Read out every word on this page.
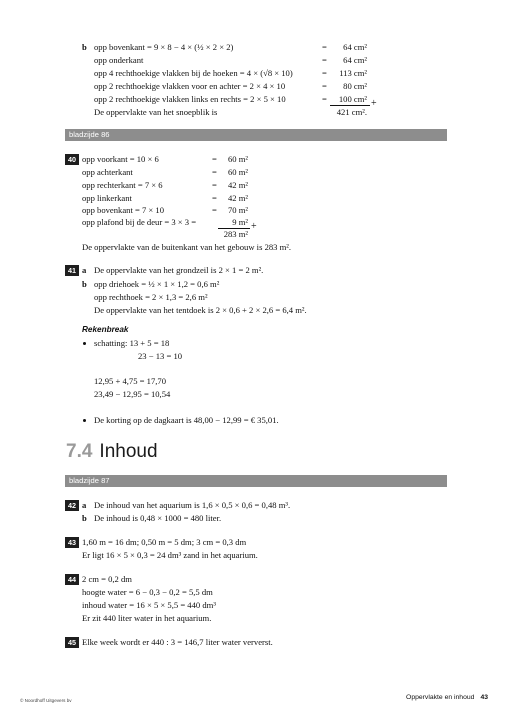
b opp bovenkant = 9 × 8 − 4 × (½ × 2 × 2)	= 64 cm²
opp onderkant	= 64 cm²
opp 4 rechthoekige vlakken bij de hoeken = 4 × (√8 × 10)	= 113 cm²
opp 2 rechthoekige vlakken voor en achter = 2 × 4 × 10	= 80 cm²
opp 2 rechthoekige vlakken links en rechts = 2 × 5 × 10	= 100 cm² +
De oppervlakte van het snoepblik is	421 cm².
bladzijde 86
40 opp voorkant = 10 × 6	= 60 m²
opp achterkant	= 60 m²
opp rechterkant = 7 × 6	= 42 m²
opp linkerkant	= 42 m²
opp bovenkant = 7 × 10	= 70 m²
opp plafond bij de deur = 3 × 3 =	9 m² +
283 m²
De oppervlakte van de buitenkant van het gebouw is 283 m².
41 a De oppervlakte van het grondzeil is 2 × 1 = 2 m².
b opp driehoek = ½ × 1 × 1,2 = 0,6 m²
opp rechthoek = 2 × 1,3 = 2,6 m²
De oppervlakte van het tentdoek is 2 × 0,6 + 2 × 2,6 = 6,4 m².
Rekenbreak
schatting: 13 + 5 = 18
23 − 13 = 10
12,95 + 4,75 = 17,70
23,49 − 12,95 = 10,54
De korting op de dagkaart is 48,00 − 12,99 = € 35,01.
7.4 Inhoud
bladzijde 87
42 a De inhoud van het aquarium is 1,6 × 0,5 × 0,6 = 0,48 m³.
b De inhoud is 0,48 × 1000 = 480 liter.
43 1,60 m = 16 dm; 0,50 m = 5 dm; 3 cm = 0,3 dm
Er ligt 16 × 5 × 0,3 = 24 dm³ zand in het aquarium.
44 2 cm = 0,2 dm
hoogte water = 6 − 0,3 − 0,2 = 5,5 dm
inhoud water = 16 × 5 × 5,5 = 440 dm³
Er zit 440 liter water in het aquarium.
45 Elke week wordt er 440 : 3 = 146,7 liter water ververst.
© Noordhoff Uitgevers bv	Oppervlakte en inhoud 43
